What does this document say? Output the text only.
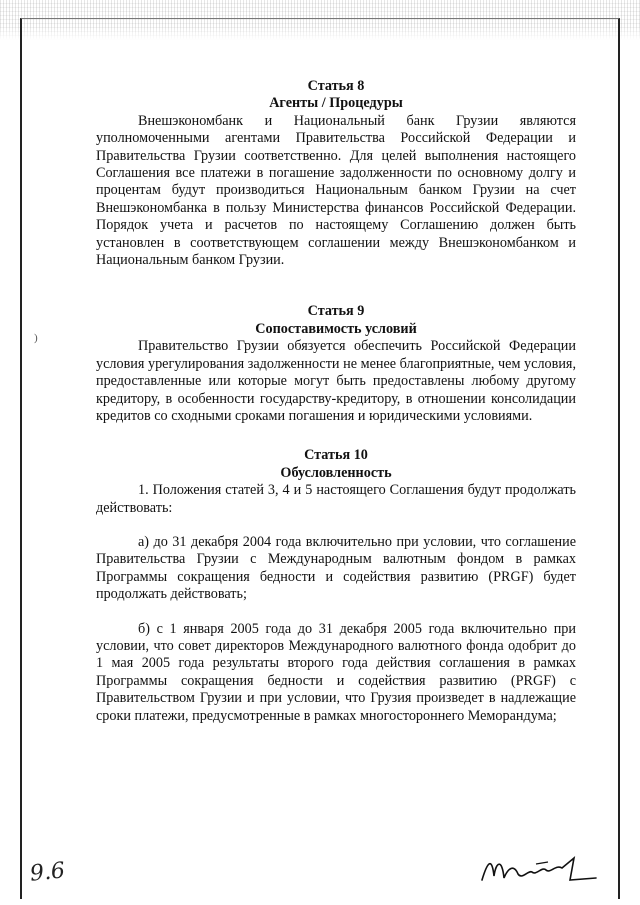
)
Статья 8
Агенты / Процедуры

Внешэкономбанк и Национальный банк Грузии являются уполномоченными агентами Правительства Российской Федерации и Правительства Грузии соответственно. Для целей выполнения настоящего Соглашения все платежи в погашение задолженности по основному долгу и процентам будут производиться Национальным банком Грузии на счет Внешэкономбанка в пользу Министерства финансов Российской Федерации. Порядок учета и расчетов по настоящему Соглашению должен быть установлен в соответствующем соглашении между Внешэкономбанком и Национальным банком Грузии.

Статья 9
Сопоставимость условий

Правительство Грузии обязуется обеспечить Российской Федерации условия урегулирования задолженности не менее благоприятные, чем условия, предоставленные или которые могут быть предоставлены любому другому кредитору, в особенности государству-кредитору, в отношении консолидации кредитов со сходными сроками погашения и юридическими условиями.

Статья 10
Обусловленность

1. Положения статей 3, 4 и 5 настоящего Соглашения будут продолжать действовать:

а) до 31 декабря 2004 года включительно при условии, что соглашение Правительства Грузии с Международным валютным фондом в рамках Программы сокращения бедности и содействия развитию (PRGF) будет продолжать действовать;

б) с 1 января 2005 года до 31 декабря 2005 года включительно при условии, что совет директоров Международного валютного фонда одобрит до 1 мая 2005 года результаты второго года действия соглашения в рамках Программы сокращения бедности и содействия развитию (PRGF) с Правительством Грузии и при условии, что Грузия произведет в надлежащие сроки платежи, предусмотренные в рамках многостороннего Меморандума;

9.6
